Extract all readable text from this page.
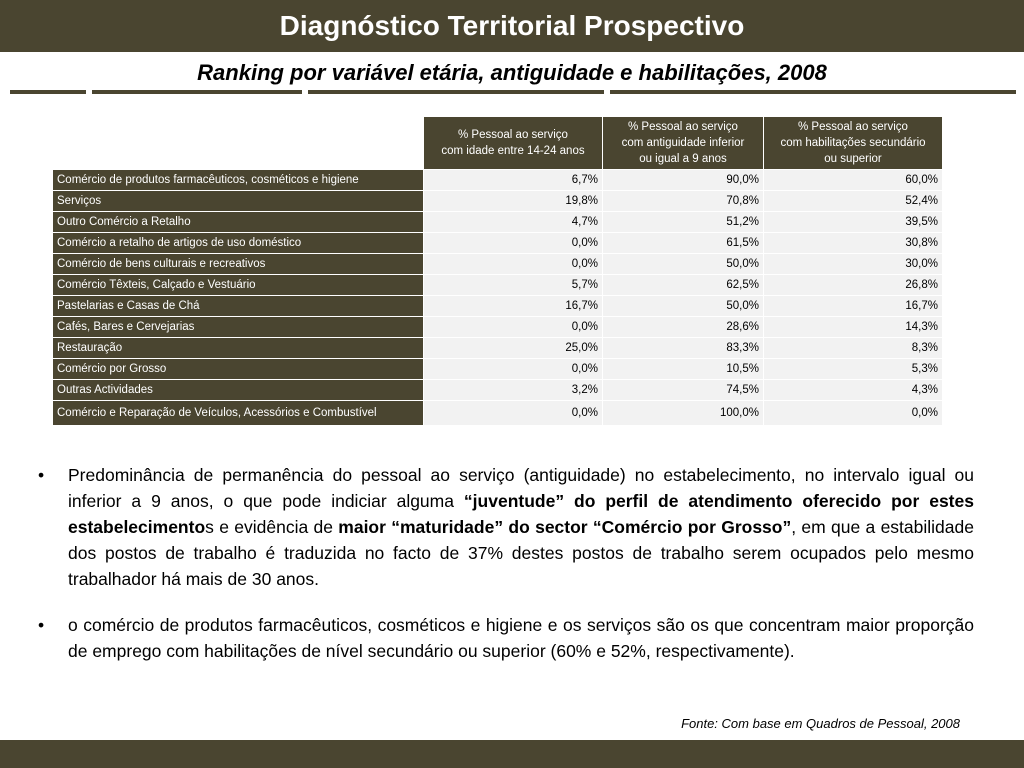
Diagnóstico Territorial Prospectivo
Ranking por variável etária, antiguidade e habilitações, 2008
	% Pessoal ao serviço
com idade entre 14-24 anos	% Pessoal ao serviço
com antiguidade inferior
ou igual a 9 anos	% Pessoal ao serviço
com habilitações secundário
ou superior
Comércio de produtos farmacêuticos, cosméticos e higiene	6,7%	90,0%	60,0%
Serviços	19,8%	70,8%	52,4%
Outro Comércio a Retalho	4,7%	51,2%	39,5%
Comércio a retalho de artigos de uso doméstico	0,0%	61,5%	30,8%
Comércio de bens culturais e recreativos	0,0%	50,0%	30,0%
Comércio Têxteis, Calçado e Vestuário	5,7%	62,5%	26,8%
Pastelarias e Casas de Chá	16,7%	50,0%	16,7%
Cafés, Bares e Cervejarias	0,0%	28,6%	14,3%
Restauração	25,0%	83,3%	8,3%
Comércio por Grosso	0,0%	10,5%	5,3%
Outras Actividades	3,2%	74,5%	4,3%
Comércio e Reparação de Veículos, Acessórios e Combustível	0,0%	100,0%	0,0%
• Predominância de permanência do pessoal ao serviço (antiguidade) no estabelecimento, no intervalo igual ou inferior a 9 anos, o que pode indiciar alguma “juventude” do perfil de atendimento oferecido por estes estabelecimentos e evidência de maior “maturidade” do sector “Comércio por Grosso”, em que a estabilidade dos postos de trabalho é traduzida no facto de 37% destes postos de trabalho serem ocupados pelo mesmo trabalhador há mais de 30 anos.
• o comércio de produtos farmacêuticos, cosméticos e higiene e os serviços são os que concentram maior proporção de emprego com habilitações de nível secundário ou superior (60% e 52%, respectivamente).
Fonte: Com base em Quadros de Pessoal, 2008
